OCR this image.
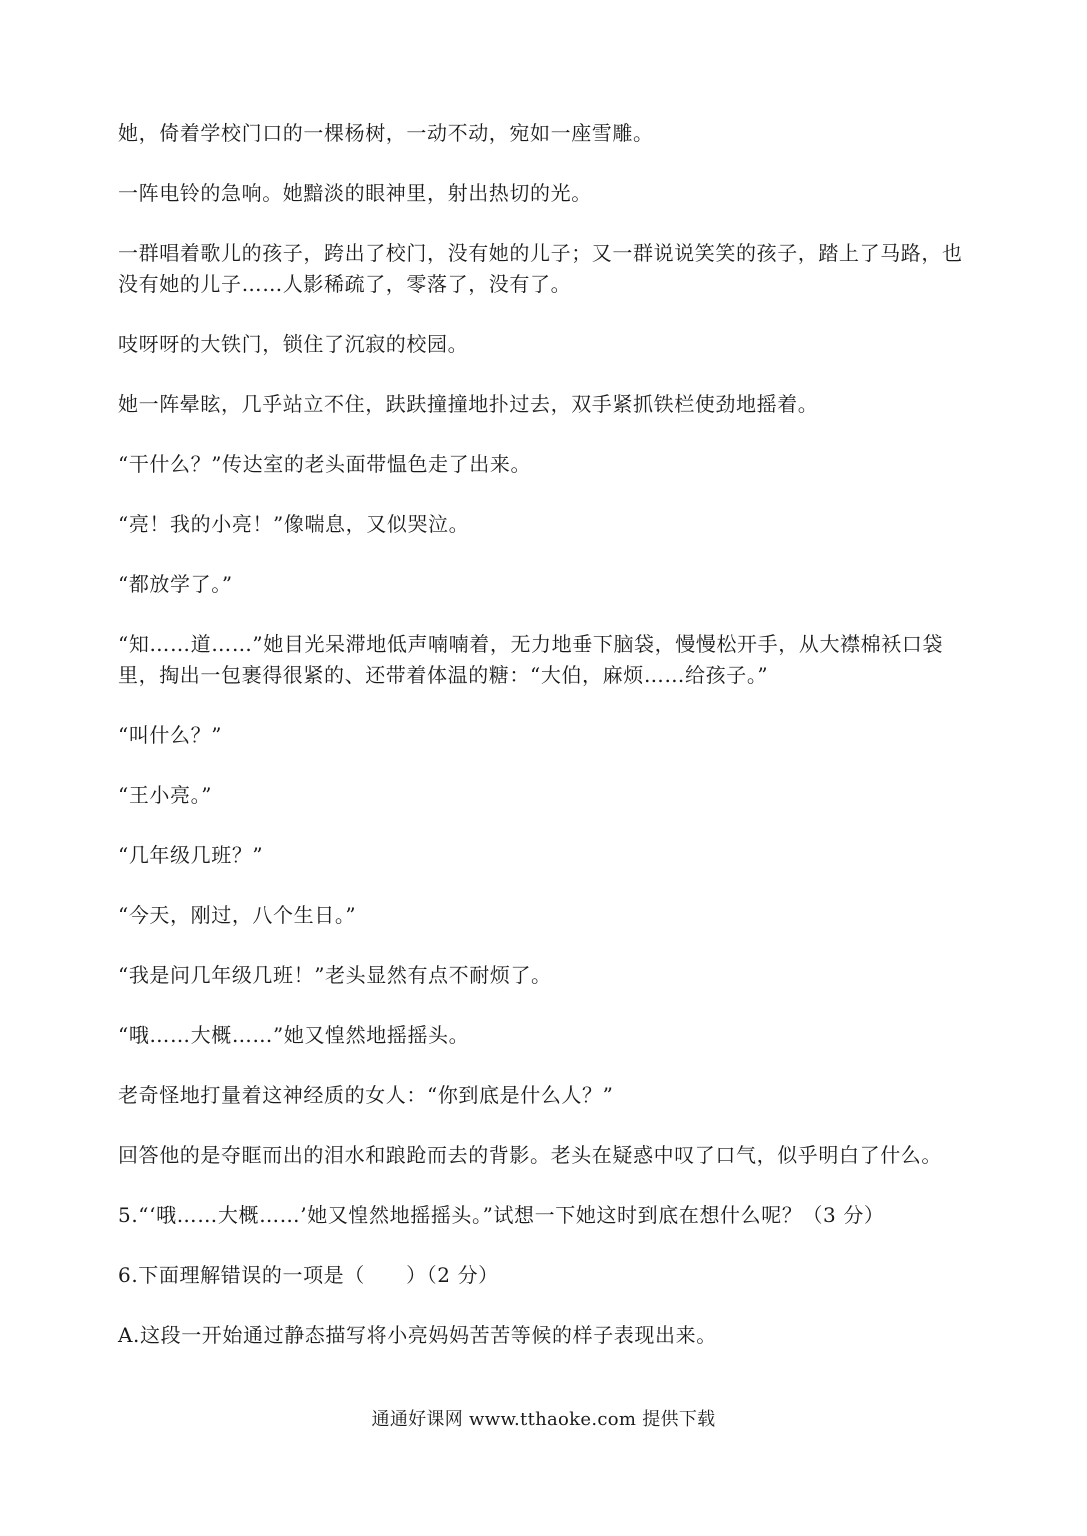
她，倚着学校门口的一棵杨树，一动不动，宛如一座雪雕。

一阵电铃的急响。她黯淡的眼神里，射出热切的光。

一群唱着歌儿的孩子，跨出了校门，没有她的儿子；又一群说说笑笑的孩子，踏上了马路，也没有她的儿子……人影稀疏了，零落了，没有了。

吱呀呀的大铁门，锁住了沉寂的校园。

她一阵晕眩，几乎站立不住，趺趺撞撞地扑过去，双手紧抓铁栏使劲地摇着。

“干什么？”传达室的老头面带愠色走了出来。

“亮！我的小亮！”像喘息，又似哭泣。

“都放学了。”

“知……道……”她目光呆滞地低声喃喃着，无力地垂下脑袋，慢慢松开手，从大襟棉袄口袋里，掏出一包裹得很紧的、还带着体温的糖：“大伯，麻烦……给孩子。”

“叫什么？”

“王小亮。”

“几年级几班？”

“今天，刚过，八个生日。”

“我是问几年级几班！”老头显然有点不耐烦了。

“哦……大概……”她又惶然地摇摇头。

老奇怪地打量着这神经质的女人：“你到底是什么人？”

回答他的是夺眶而出的泪水和踉跄而去的背影。老头在疑惑中叹了口气，似乎明白了什么。

5.“‘哦……大概……’她又惶然地摇摇头。”试想一下她这时到底在想什么呢？（3 分）

6.下面理解错误的一项是（　　）（2 分）

A.这段一开始通过静态描写将小亮妈妈苦苦等候的样子表现出来。

通通好课网 www.tthaoke.com 提供下载
